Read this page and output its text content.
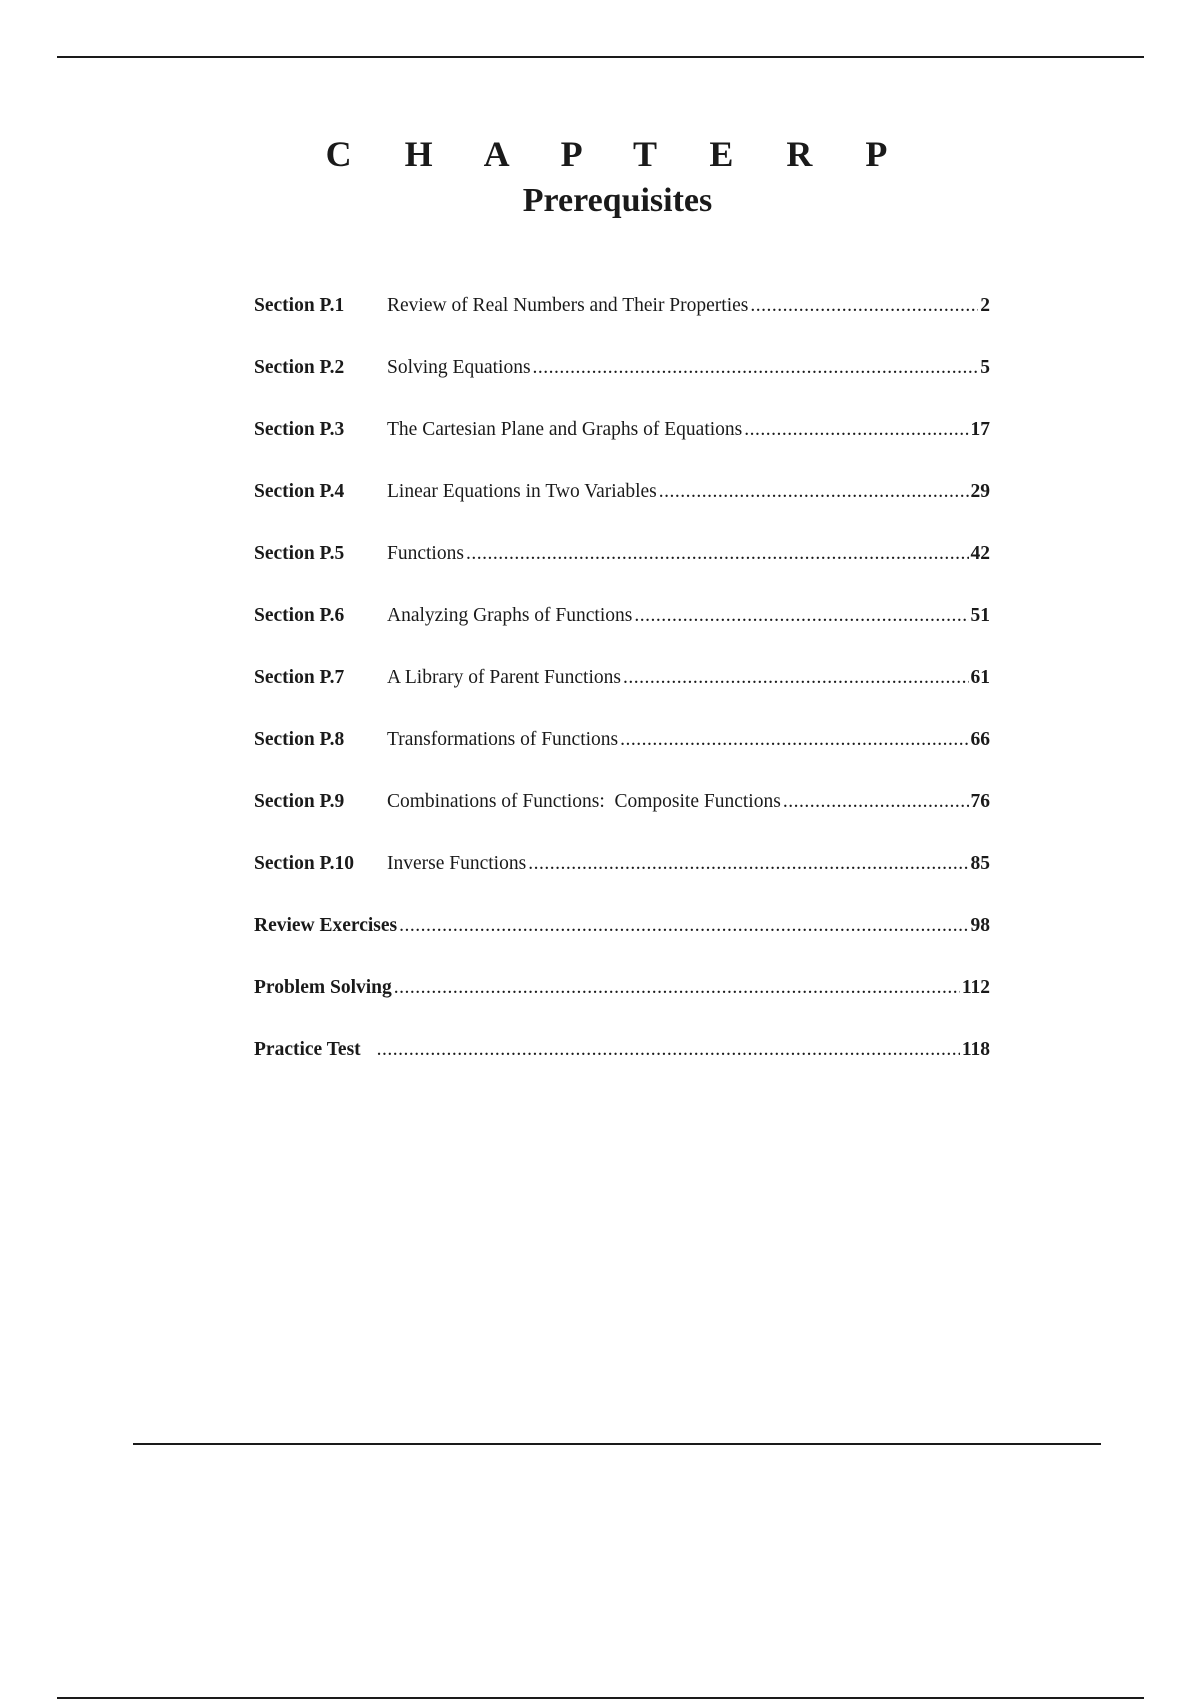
C H A P T E R P
Prerequisites
Section P.1	Review of Real Numbers and Their Properties .....	2
Section P.2	Solving Equations .....	5
Section P.3	The Cartesian Plane and Graphs of Equations .....	17
Section P.4	Linear Equations in Two Variables .....	29
Section P.5	Functions .....	42
Section P.6	Analyzing Graphs of Functions .....	51
Section P.7	A Library of Parent Functions .....	61
Section P.8	Transformations of Functions .....	66
Section P.9	Combinations of Functions:  Composite Functions .....	76
Section P.10	Inverse Functions .....	85
Review Exercises .....	98
Problem Solving .....	112
Practice Test .....	118
